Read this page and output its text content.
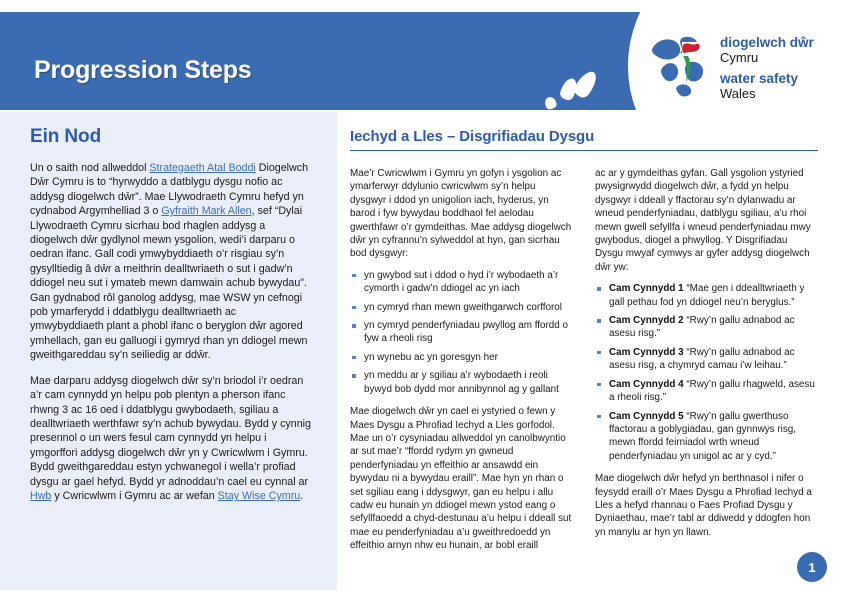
Progression Steps
diogelwch dŵr
Cymru
water safety
Wales
Ein Nod

Un o saith nod allweddol Strategaeth Atal Boddi Diogelwch Dŵr Cymru is to “hyrwyddo a datblygu dysgu nofio ac addysg diogelwch dŵr”. Mae Llywodraeth Cymru hefyd yn cydnabod Argymhelliad 3 o Gyfraith Mark Allen, sef “Dylai Llywodraeth Cymru sicrhau bod rhaglen addysg a diogelwch dŵr gydlynol mewn ysgolion, wedi’i darparu o oedran ifanc. Gall codi ymwybyddiaeth o’r risgiau sy’n gysylltiedig â dŵr a meithrin dealltwriaeth o sut i gadw’n ddiogel neu sut i ymateb mewn damwain achub bywydau”. Gan gydnabod rôl ganolog addysg, mae WSW yn cefnogi pob ymarferydd i ddatblygu dealltwriaeth ac ymwybyddiaeth plant a phobl ifanc o beryglon dŵr agored ymhellach, gan eu galluogi i gymryd rhan yn ddiogel mewn gweithgareddau sy’n seiliedig ar ddŵr.

Mae darparu addysg diogelwch dŵr sy’n briodol i’r oedran a’r cam cynnydd yn helpu pob plentyn a pherson ifanc rhwng 3 ac 16 oed i ddatblygu gwybodaeth, sgiliau a dealltwriaeth werthfawr sy’n achub bywydau. Bydd y cynnig presennol o un wers fesul cam cynnydd yn helpu i ymgorffori addysg diogelwch dŵr yn y Cwricwlwm i Gymru. Bydd gweithgareddau estyn ychwanegol i wella’r profiad dysgu ar gael hefyd. Bydd yr adnoddau’n cael eu cynnal ar Hwb y Cwricwlwm i Gymru ac ar wefan Stay Wise Cymru.

Iechyd a Lles – Disgrifiadau Dysgu

Mae’r Cwricwlwm i Gymru yn gofyn i ysgolion ac ymarferwyr ddylunio cwricwlwm sy’n helpu dysgwyr i ddod yn unigolion iach, hyderus, yn barod i fyw bywydau boddhaol fel aelodau gwerthfawr o’r gymdeithas. Mae addysg diogelwch dŵr yn cyfrannu’n sylweddol at hyn, gan sicrhau bod dysgwyr:

yn gwybod sut i ddod o hyd i’r wybodaeth a’r cymorth i gadw’n ddiogel ac yn iach
yn cymryd rhan mewn gweithgarwch corfforol
yn cymryd penderfyniadau pwyllog am ffordd o fyw a rheoli risg
yn wynebu ac yn goresgyn her
yn meddu ar y sgiliau a’r wybodaeth i reoli bywyd bob dydd mor annibynnol ag y gallant

Mae diogelwch dŵr yn cael ei ystyried o fewn y Maes Dysgu a Phrofiad Iechyd a Lles gorfodol. Mae un o’r cysyniadau allweddol yn canolbwyntio ar sut mae’r “ffordd rydym yn gwneud penderfyniadau yn effeithio ar ansawdd ein bywydau ni a bywydau eraill”. Mae hyn yn rhan o set sgiliau eang i ddysgwyr, gan eu helpu i allu cadw eu hunain yn ddiogel mewn ystod eang o sefyllfaoedd a chyd-destunau a’u helpu i ddeall sut mae eu penderfyniadau a’u gweithredoedd yn effeithio arnyn nhw eu hunain, ar bobl eraill

ac ar y gymdeithas gyfan. Gall ysgolion ystyried pwysigrwydd diogelwch dŵr, a fydd yn helpu dysgwyr i ddeall y ffactorau sy’n dylanwadu ar wneud penderfyniadau, datblygu sgiliau, a’u rhoi mewn gwell sefyllfa i wneud penderfyniadau mwy gwybodus, diogel a phwyllog. Y Disgrifiadau Dysgu mwyaf cymwys ar gyfer addysg diogelwch dŵr yw:

Cam Cynnydd 1 “Mae gen i ddealltwriaeth y gall pethau fod yn ddiogel neu’n beryglus.”
Cam Cynnydd 2 “Rwy’n gallu adnabod ac asesu risg.”
Cam Cynnydd 3 “Rwy’n gallu adnabod ac asesu risg, a chymryd camau i’w leihau.”
Cam Cynnydd 4 “Rwy’n gallu rhagweld, asesu a rheoli risg.”
Cam Cynnydd 5 “Rwy’n gallu gwerthuso ffactorau a goblygiadau, gan gynnwys risg, mewn ffordd feirniadol wrth wneud penderfyniadau yn unigol ac ar y cyd.”

Mae diogelwch dŵr hefyd yn berthnasol i nifer o feysydd eraill o’r Maes Dysgu a Phrofiad Iechyd a Lles a hefyd rhannau o Faes Profiad Dysgu y Dyniaethau, mae’r tabl ar ddiwedd y ddogfen hon yn manylu ar hyn yn llawn.

1
